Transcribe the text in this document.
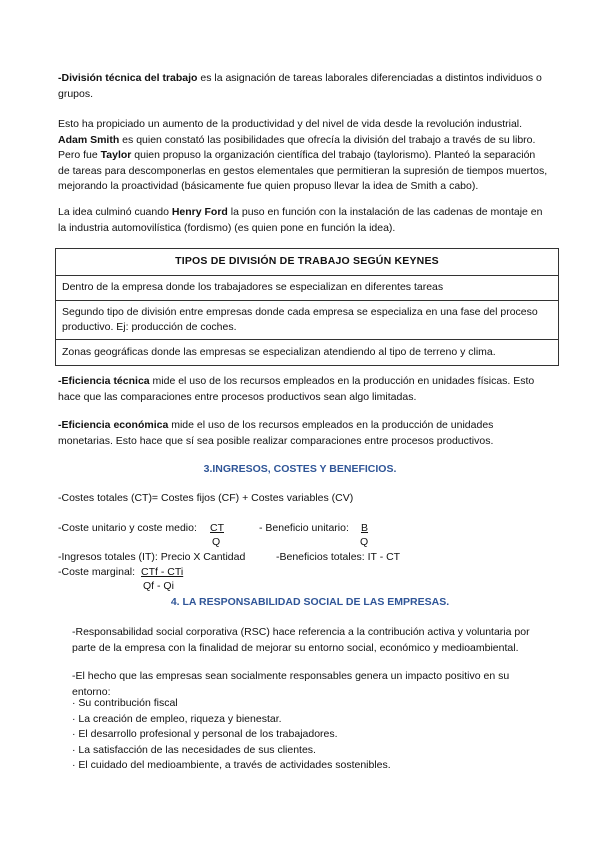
-División técnica del trabajo es la asignación de tareas laborales diferenciadas a distintos individuos o grupos.

Esto ha propiciado un aumento de la productividad y del nivel de vida desde la revolución industrial. Adam Smith es quien constató las posibilidades que ofrecía la división del trabajo a través de su libro. Pero fue Taylor quien propuso la organización científica del trabajo (taylorismo). Planteó la separación de tareas para descomponerlas en gestos elementales que permitieran la supresión de tiempos muertos, mejorando la proactividad (básicamente fue quien propuso llevar la idea de Smith a cabo).

La idea culminó cuando Henry Ford la puso en función con la instalación de las cadenas de montaje en la industria automovilística (fordismo) (es quien pone en función la idea).

TIPOS DE DIVISIÓN DE TRABAJO SEGÚN KEYNES
Dentro de la empresa donde los trabajadores se especializan en diferentes tareas
Segundo tipo de división entre empresas donde cada empresa se especializa en una fase del proceso productivo. Ej: producción de coches.
Zonas geográficas donde las empresas se especializan atendiendo al tipo de terreno y clima.

-Eficiencia técnica mide el uso de los recursos empleados en la producción en unidades físicas. Esto hace que las comparaciones entre procesos productivos sean algo limitadas.

-Eficiencia económica mide el uso de los recursos empleados en la producción de unidades monetarias. Esto hace que sí sea posible realizar comparaciones entre procesos productivos.

3.INGRESOS, COSTES Y BENEFICIOS.
-Costes totales (CT)= Costes fijos (CF) + Costes variables (CV)
-Coste unitario y coste medio: CT
Q
- Beneficio unitario: B
Q
-Ingresos totales (IT): Precio X Cantidad	-Beneficios totales: IT - CT
-Coste marginal: CTf - CTi
Qf - Qi
4. LA RESPONSABILIDAD SOCIAL DE LAS EMPRESAS.

-Responsabilidad social corporativa (RSC) hace referencia a la contribución activa y voluntaria por parte de la empresa con la finalidad de mejorar su entorno social, económico y medioambiental.

-El hecho que las empresas sean socialmente responsables genera un impacto positivo en su entorno:

· Su contribución fiscal

· La creación de empleo, riqueza y bienestar.

· El desarrollo profesional y personal de los trabajadores.

· La satisfacción de las necesidades de sus clientes.

· El cuidado del medioambiente, a través de actividades sostenibles.
